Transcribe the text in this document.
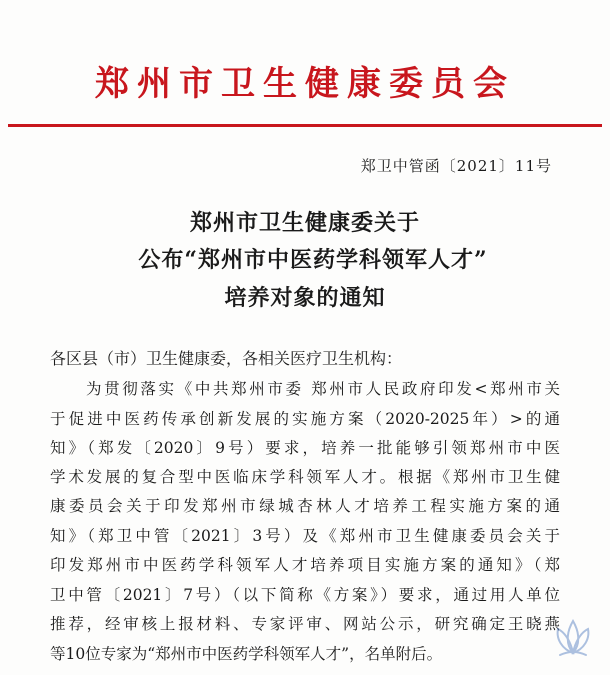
郑州市卫生健康委员会
郑卫中管函〔2021〕11号
郑州市卫生健康委关于
公布“郑州市中医药学科领军人才”
培养对象的通知
各区县（市）卫生健康委，各相关医疗卫生机构：
为贯彻落实《中共郑州市委 郑州市人民政府印发<郑州市关
于促进中医药传承创新发展的实施方案（2020-2025年）>的通
知》（郑发〔2020〕9号）要求，培养一批能够引领郑州市中医
学术发展的复合型中医临床学科领军人才。根据《郑州市卫生健
康委员会关于印发郑州市绿城杏林人才培养工程实施方案的通
知》（郑卫中管〔2021〕3号）及《郑州市卫生健康委员会关于
印发郑州市中医药学科领军人才培养项目实施方案的通知》（郑
卫中管〔2021〕7号）（以下简称《方案》）要求，通过用人单位
推荐，经审核上报材料、专家评审、网站公示，研究确定王晓燕
等10位专家为“郑州市中医药学科领军人才”，名单附后。
